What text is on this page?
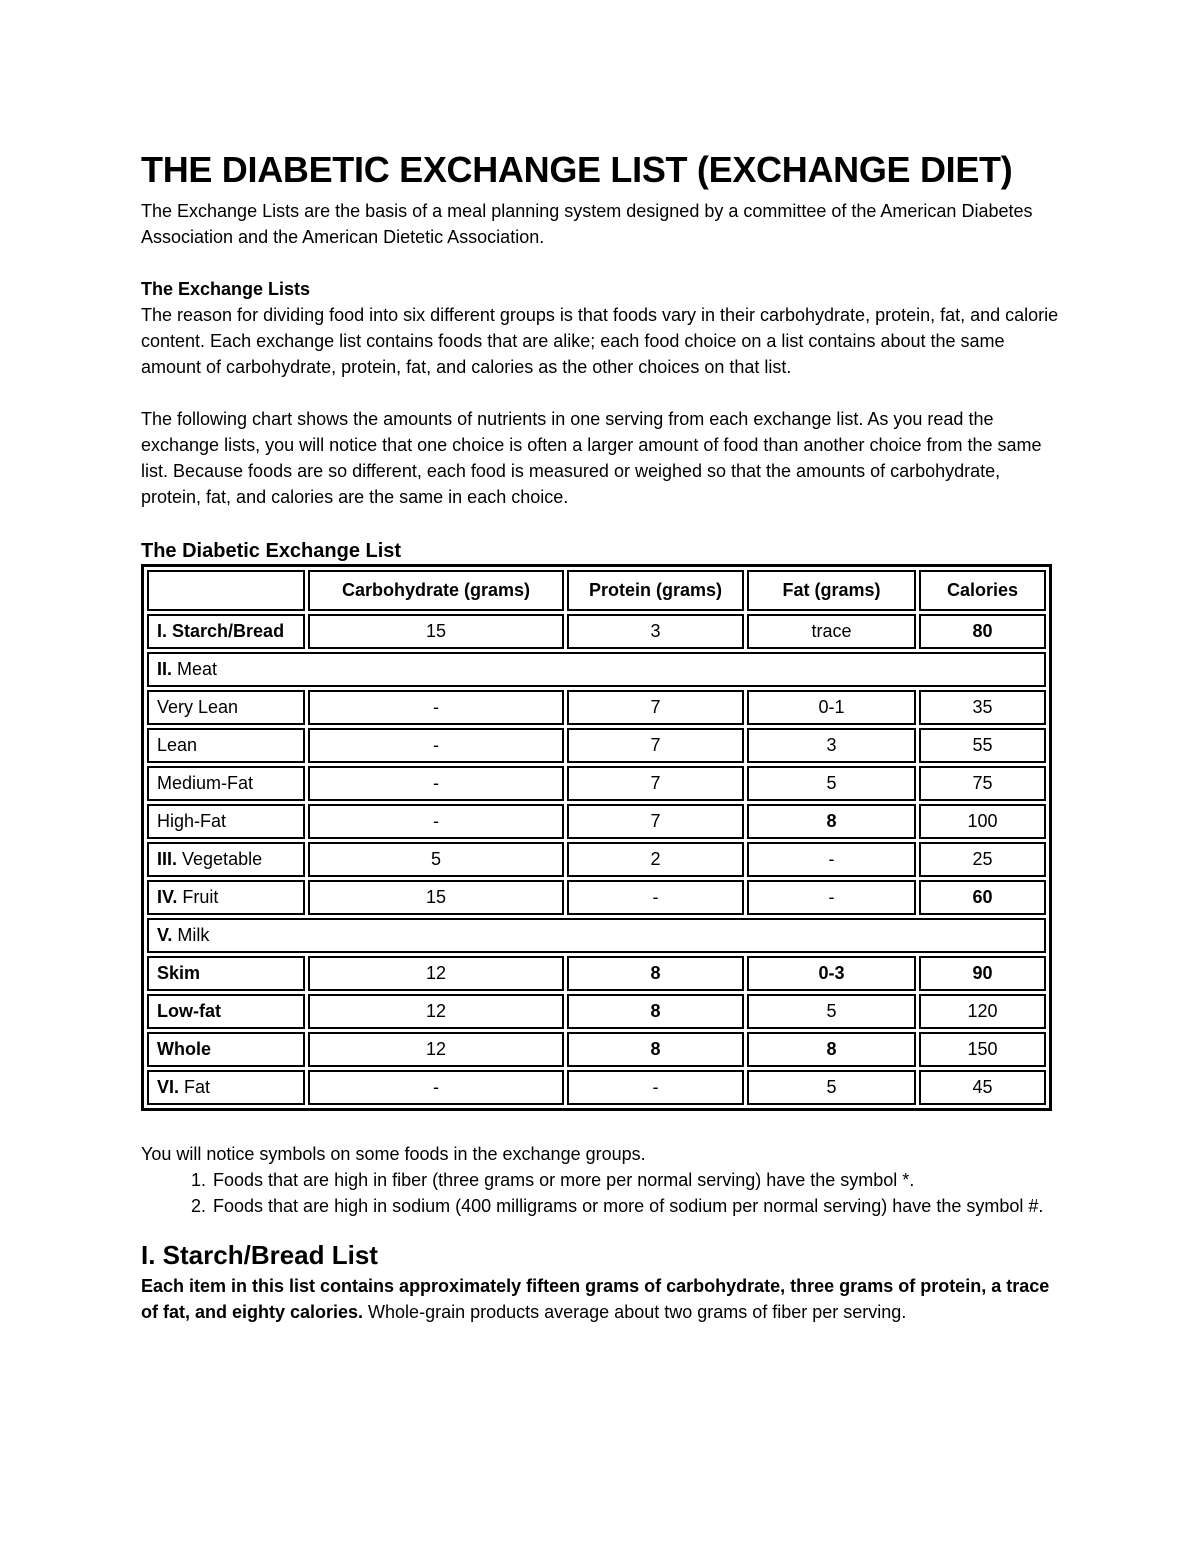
THE DIABETIC EXCHANGE LIST (EXCHANGE DIET)

The Exchange Lists are the basis of a meal planning system designed by a committee of the American Diabetes Association and the American Dietetic Association.

The Exchange Lists

The reason for dividing food into six different groups is that foods vary in their carbohydrate, protein, fat, and calorie content. Each exchange list contains foods that are alike; each food choice on a list contains about the same amount of carbohydrate, protein, fat, and calories as the other choices on that list.

The following chart shows the amounts of nutrients in one serving from each exchange list. As you read the exchange lists, you will notice that one choice is often a larger amount of food than another choice from the same list. Because foods are so different, each food is measured or weighed so that the amounts of carbohydrate, protein, fat, and calories are the same in each choice.

The Diabetic Exchange List

	Carbohydrate (grams)	Protein (grams)	Fat (grams)	Calories
I. Starch/Bread	15	3	trace	80
II. Meat				
Very Lean	-	7	0-1	35
Lean	-	7	3	55
Medium-Fat	-	7	5	75
High-Fat	-	7	8	100
III. Vegetable	5	2	-	25
IV. Fruit	15	-	-	60
V. Milk				
Skim	12	8	0-3	90
Low-fat	12	8	5	120
Whole	12	8	8	150
VI. Fat	-	-	5	45

You will notice symbols on some foods in the exchange groups.

1. Foods that are high in fiber (three grams or more per normal serving) have the symbol *.
2. Foods that are high in sodium (400 milligrams or more of sodium per normal serving) have the symbol #.
I. Starch/Bread List

Each item in this list contains approximately fifteen grams of carbohydrate, three grams of protein, a trace of fat, and eighty calories. Whole-grain products average about two grams of fiber per serving.
